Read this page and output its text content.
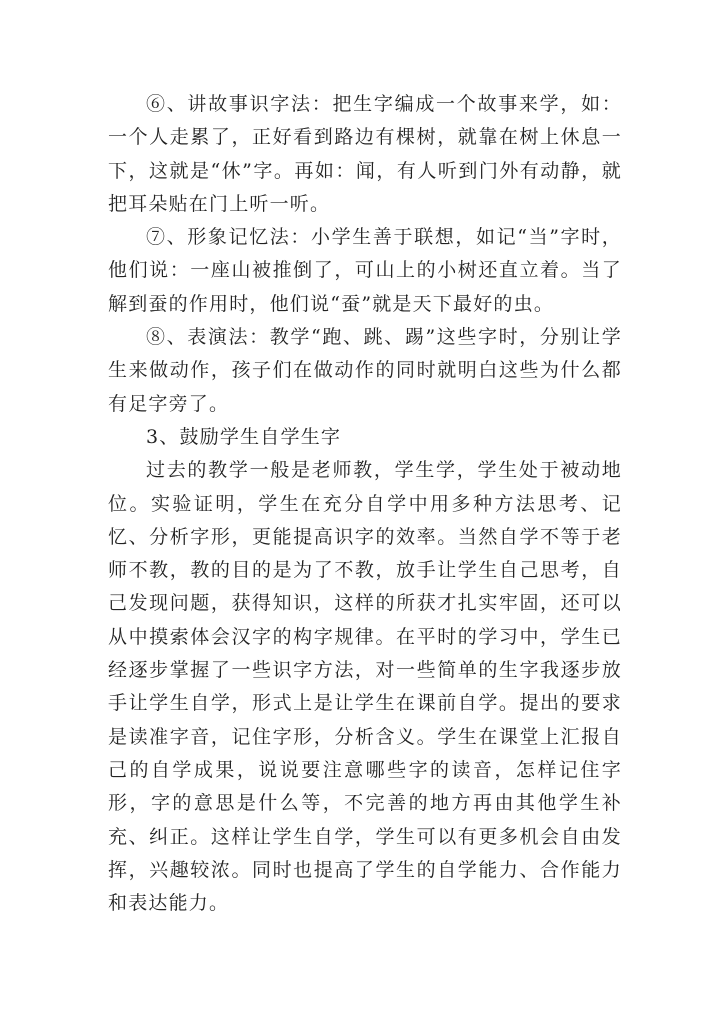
⑥、讲故事识字法：把生字编成一个故事来学，如：一个人走累了，正好看到路边有棵树，就靠在树上休息一下，这就是“休”字。再如：闻，有人听到门外有动静，就把耳朵贴在门上听一听。

⑦、形象记忆法：小学生善于联想，如记“当”字时，他们说：一座山被推倒了，可山上的小树还直立着。当了解到蚕的作用时，他们说“蚕”就是天下最好的虫。

⑧、表演法：教学“跑、跳、踢”这些字时，分别让学生来做动作，孩子们在做动作的同时就明白这些为什么都有足字旁了。

3、鼓励学生自学生字

过去的教学一般是老师教，学生学，学生处于被动地位。实验证明，学生在充分自学中用多种方法思考、记忆、分析字形，更能提高识字的效率。当然自学不等于老师不教，教的目的是为了不教，放手让学生自己思考，自己发现问题，获得知识，这样的所获才扎实牢固，还可以从中摸索体会汉字的构字规律。在平时的学习中，学生已经逐步掌握了一些识字方法，对一些简单的生字我逐步放手让学生自学，形式上是让学生在课前自学。提出的要求是读准字音，记住字形，分析含义。学生在课堂上汇报自己的自学成果，说说要注意哪些字的读音，怎样记住字形，字的意思是什么等，不完善的地方再由其他学生补充、纠正。这样让学生自学，学生可以有更多机会自由发挥，兴趣较浓。同时也提高了学生的自学能力、合作能力和表达能力。
